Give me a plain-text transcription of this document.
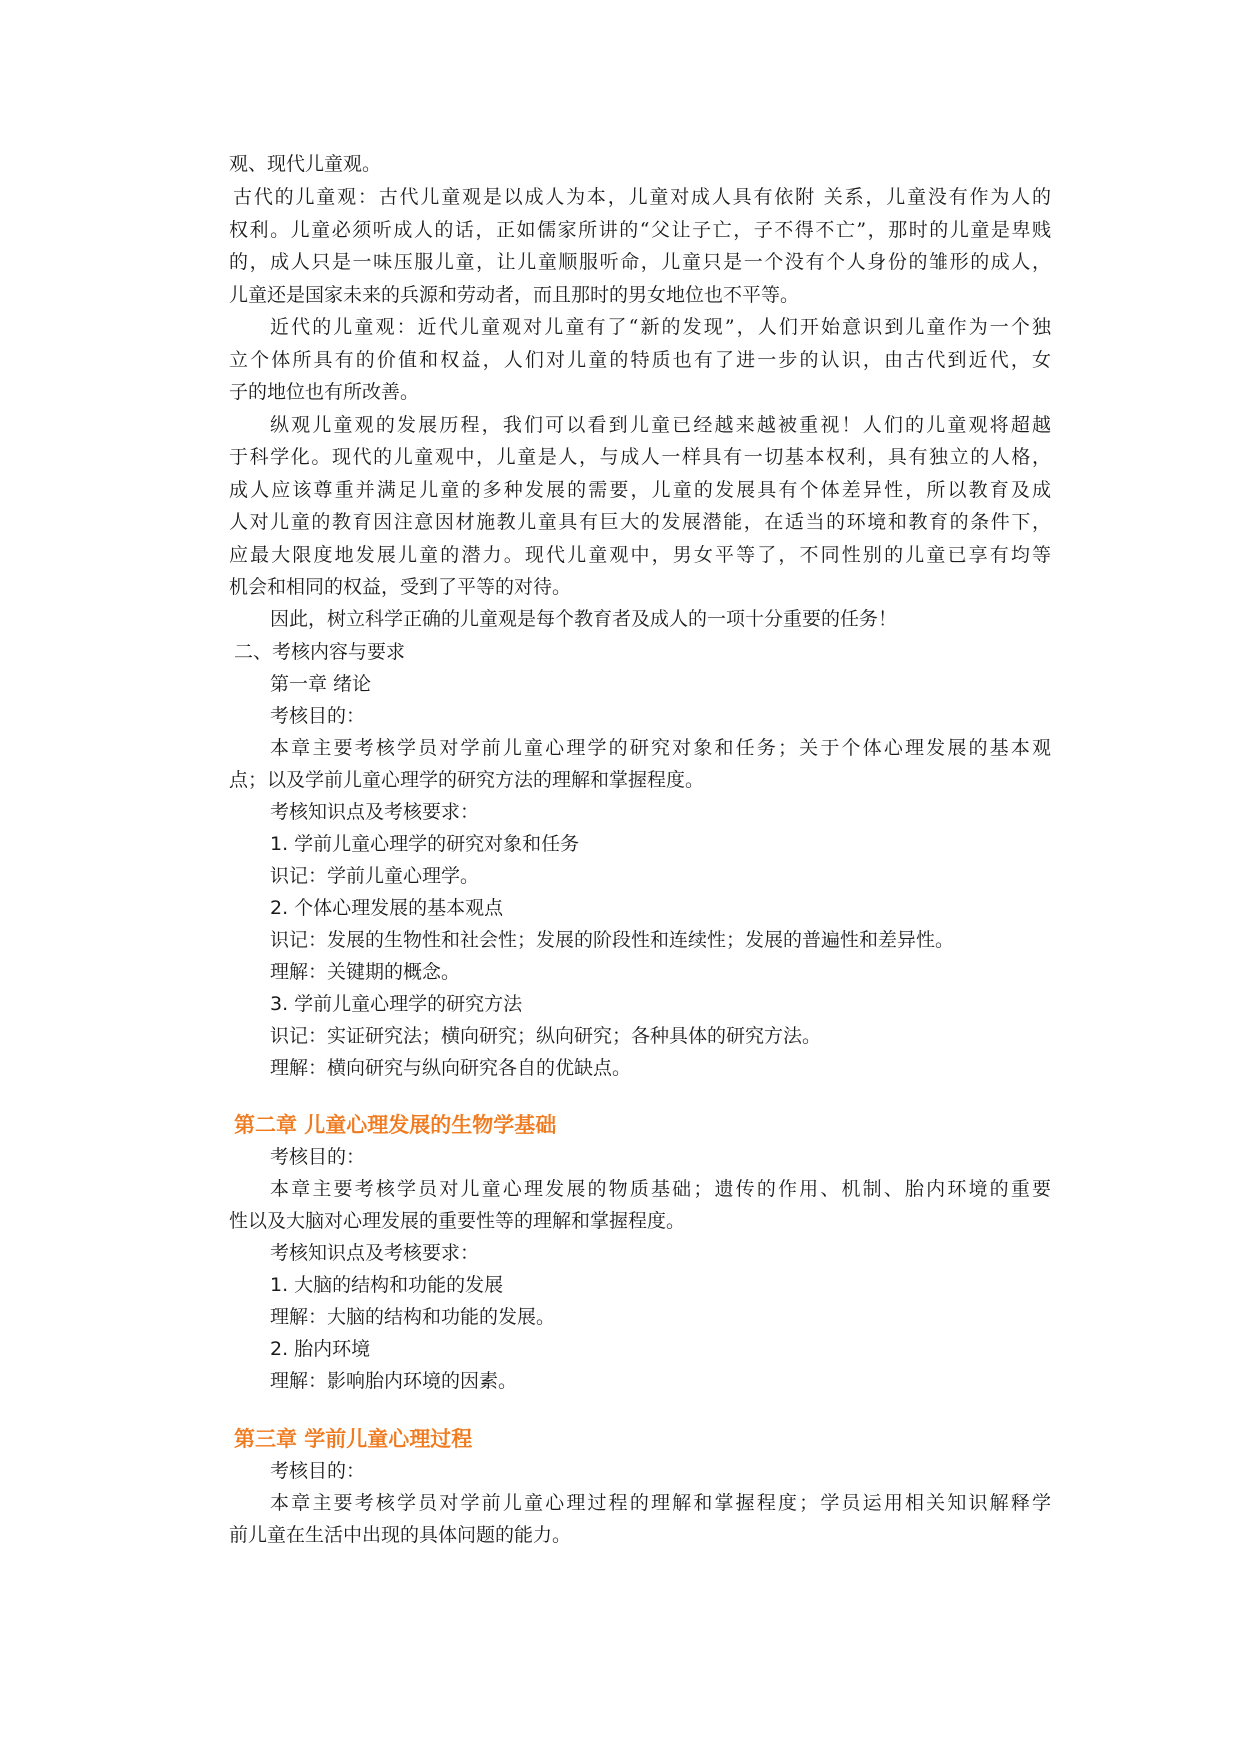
观、现代儿童观。
古代的儿童观：古代儿童观是以成人为本，儿童对成人具有依附 关系，儿童没有作为人的
权利。儿童必须听成人的话，正如儒家所讲的“父让子亡，子不得不亡”，那时的儿童是卑贱
的，成人只是一味压服儿童，让儿童顺服听命，儿童只是一个没有个人身份的雏形的成人，
儿童还是国家未来的兵源和劳动者，而且那时的男女地位也不平等。
近代的儿童观：近代儿童观对儿童有了“新的发现”，人们开始意识到儿童作为一个独
立个体所具有的价值和权益，人们对儿童的特质也有了进一步的认识，由古代到近代，女
子的地位也有所改善。
纵观儿童观的发展历程，我们可以看到儿童已经越来越被重视！人们的儿童观将超越
于科学化。现代的儿童观中，儿童是人，与成人一样具有一切基本权利，具有独立的人格，
成人应该尊重并满足儿童的多种发展的需要，儿童的发展具有个体差异性，所以教育及成
人对儿童的教育因注意因材施教儿童具有巨大的发展潜能，在适当的环境和教育的条件下，
应最大限度地发展儿童的潜力。现代儿童观中，男女平等了，不同性别的儿童已享有均等
机会和相同的权益，受到了平等的对待。
因此，树立科学正确的儿童观是每个教育者及成人的一项十分重要的任务！
二、考核内容与要求
第一章 绪论
考核目的：
本章主要考核学员对学前儿童心理学的研究对象和任务；关于个体心理发展的基本观
点；以及学前儿童心理学的研究方法的理解和掌握程度。
考核知识点及考核要求：
1. 学前儿童心理学的研究对象和任务
识记：学前儿童心理学。
2. 个体心理发展的基本观点
识记：发展的生物性和社会性；发展的阶段性和连续性；发展的普遍性和差异性。
理解：关键期的概念。
3. 学前儿童心理学的研究方法
识记：实证研究法；横向研究；纵向研究；各种具体的研究方法。
理解：横向研究与纵向研究各自的优缺点。
第二章 儿童心理发展的生物学基础
考核目的：
本章主要考核学员对儿童心理发展的物质基础；遗传的作用、机制、胎内环境的重要
性以及大脑对心理发展的重要性等的理解和掌握程度。
考核知识点及考核要求：
1. 大脑的结构和功能的发展
理解：大脑的结构和功能的发展。
2. 胎内环境
理解：影响胎内环境的因素。
第三章 学前儿童心理过程
考核目的：
本章主要考核学员对学前儿童心理过程的理解和掌握程度；学员运用相关知识解释学
前儿童在生活中出现的具体问题的能力。
